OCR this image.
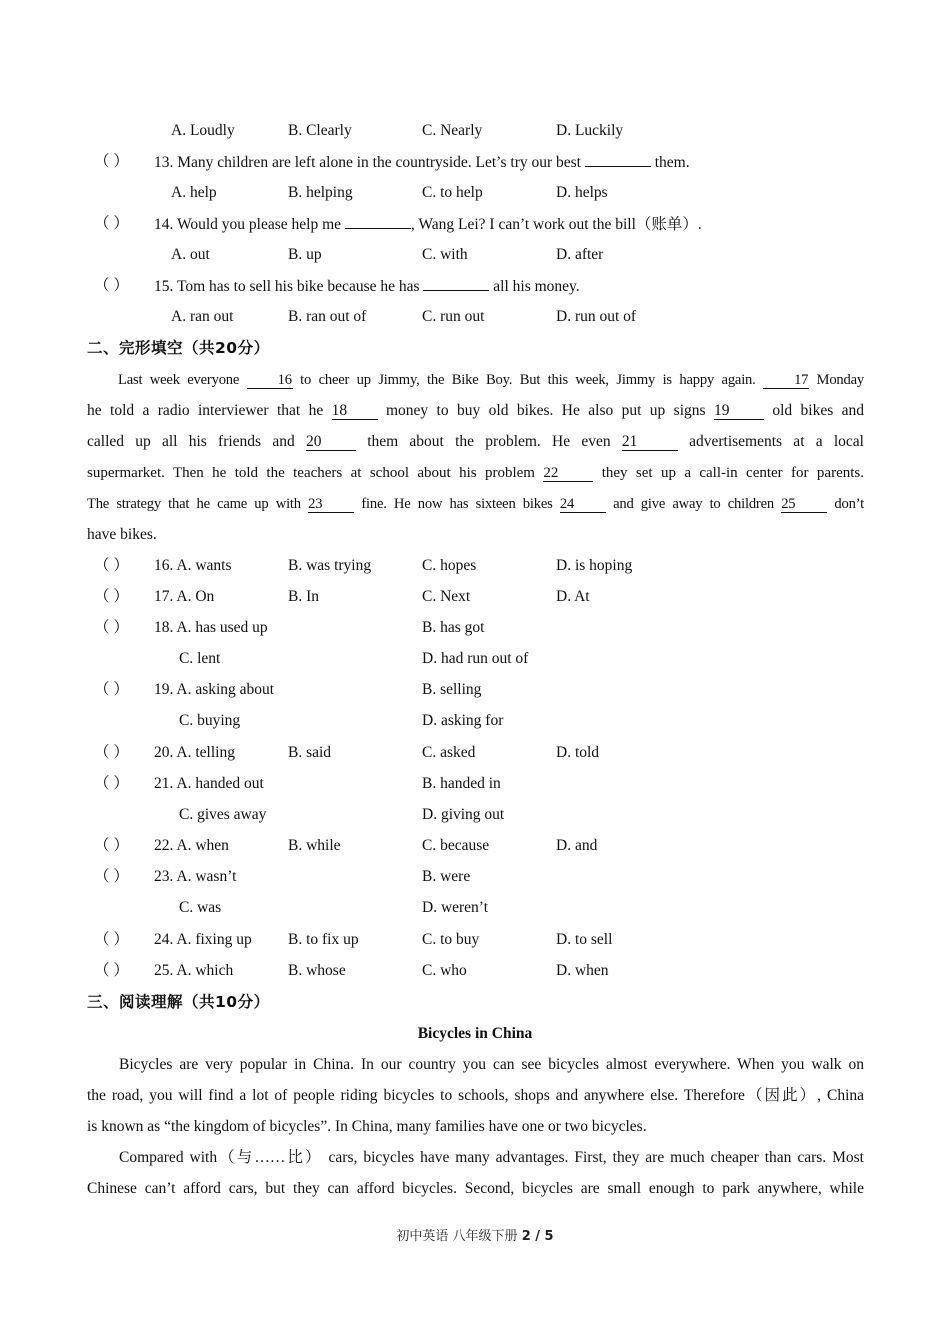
A. Loudly	B. Clearly	C. Nearly	D. Luckily
（ ） 13. Many children are left alone in the countryside. Let’s try our best	them.
A. help	B. helping	C. to help	D. helps
（ ） 14. Would you please help me	, Wang Lei? I can’t work out the bill（账单）.
A. out	B. up	C. with	D. after
（ ） 15. Tom has to sell his bike because he has	all his money.
A. ran out	B. ran out of	C. run out	D. run out of
二、完形填空（共20分）
Last week everyone 16 to cheer up Jimmy, the Bike Boy. But this week, Jimmy is happy again. 17 Monday
he told a radio interviewer that he 18 money to buy old bikes. He also put up signs 19 old bikes and
called up all his friends and 20 them about the problem. He even 21	advertisements at a local
supermarket. Then he told the teachers at school about his problem 22 they set up a call-in center for parents.
The strategy that he came up with 23 fine. He now has sixteen bikes 24 and give away to children 25 don’t
have bikes.
（ ） 16. A. wants	B. was trying	C. hopes	D. is hoping
（ ） 17. A. On	B. In	C. Next	D. At
（ ） 18. A. has used up	B. has got
C. lent	D. had run out of
（ ） 19. A. asking about	B. selling
C. buying	D. asking for
（ ） 20. A. telling	B. said	C. asked	D. told
（ ） 21. A. handed out	B. handed in
C. gives away	D. giving out
（ ） 22. A. when	B. while	C. because	D. and
（ ） 23. A. wasn’t	B. were
C. was	D. weren’t
（ ） 24. A. fixing up B. to fix up	C. to buy	D. to sell
（ ） 25. A. which	B. whose	C. who	D. when
三、阅读理解（共10分）
Bicycles in China
Bicycles are very popular in China. In our country you can see bicycles almost everywhere. When you walk on
the road, you will find a lot of people riding bicycles to schools, shops and anywhere else. Therefore（因此）, China
is known as “the kingdom of bicycles”. In China, many families have one or two bicycles.
Compared with（与……比） cars, bicycles have many advantages. First, they are much cheaper than cars. Most
Chinese can’t afford cars, but they can afford bicycles. Second, bicycles are small enough to park anywhere, while
初中英语 八年级下册 2 / 5
